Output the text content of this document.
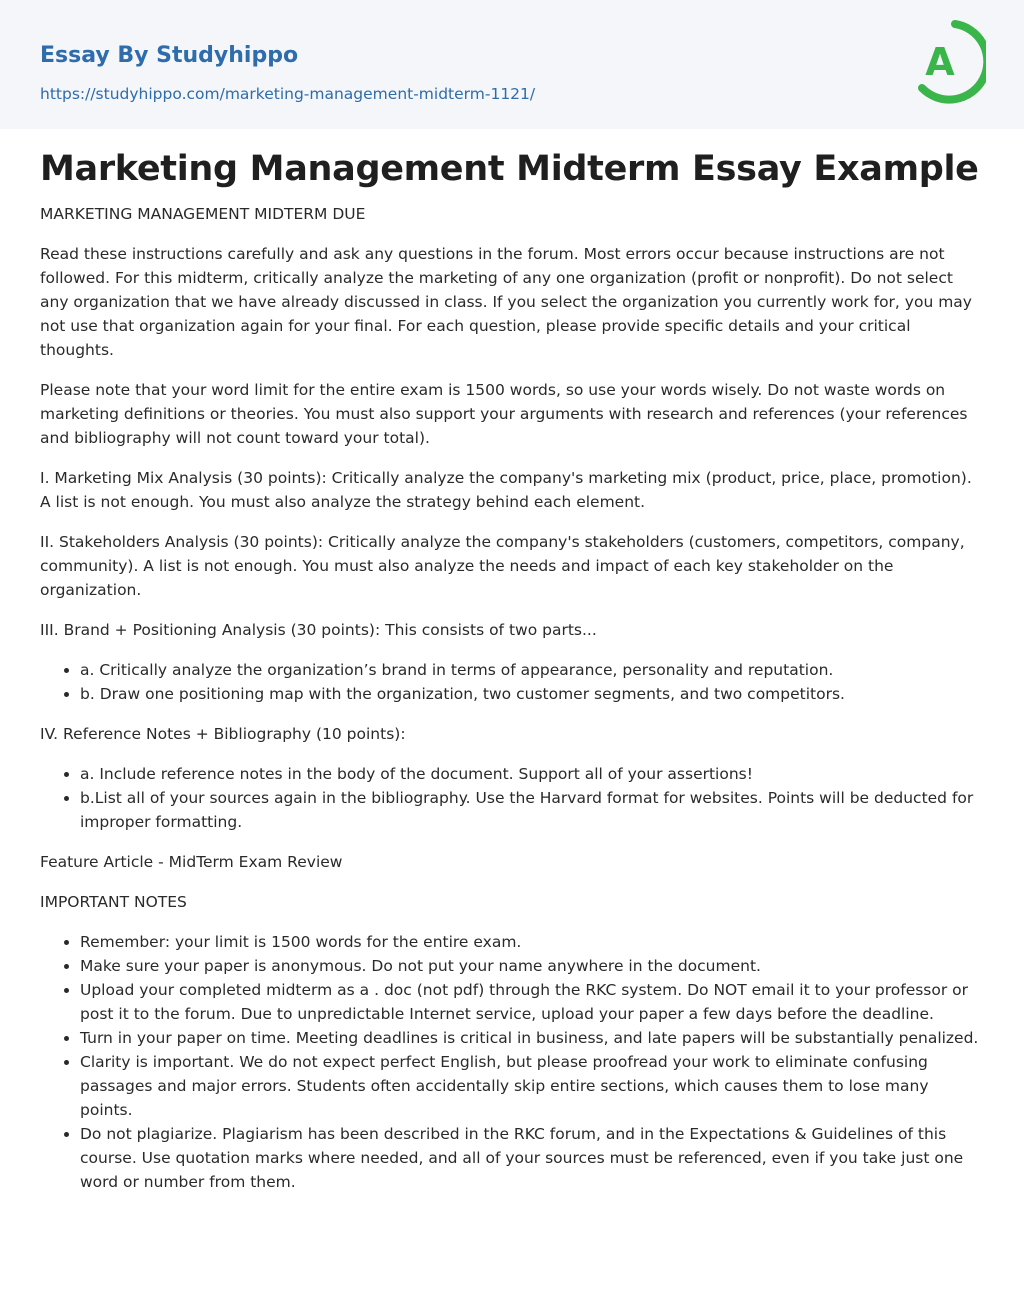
Essay By Studyhippo
https://studyhippo.com/marketing-management-midterm-1121/
A
Marketing Management Midterm Essay Example

MARKETING MANAGEMENT MIDTERM DUE

Read these instructions carefully and ask any questions in the forum. Most errors occur because instructions are not followed. For this midterm, critically analyze the marketing of any one organization (profit or nonprofit). Do not select any organization that we have already discussed in class. If you select the organization you currently work for, you may not use that organization again for your final. For each question, please provide specific details and your critical thoughts.

Please note that your word limit for the entire exam is 1500 words, so use your words wisely. Do not waste words on marketing definitions or theories. You must also support your arguments with research and references (your references and bibliography will not count toward your total).

I. Marketing Mix Analysis (30 points): Critically analyze the company's marketing mix (product, price, place, promotion). A list is not enough. You must also analyze the strategy behind each element.

II. Stakeholders Analysis (30 points): Critically analyze the company's stakeholders (customers, competitors, company, community). A list is not enough. You must also analyze the needs and impact of each key stakeholder on the organization.

III. Brand + Positioning Analysis (30 points): This consists of two parts...

• a. Critically analyze the organization’s brand in terms of appearance, personality and reputation.
• b. Draw one positioning map with the organization, two customer segments, and two competitors.

IV. Reference Notes + Bibliography (10 points):

• a. Include reference notes in the body of the document. Support all of your assertions!
• b.List all of your sources again in the bibliography. Use the Harvard format for websites. Points will be deducted for improper formatting.

Feature Article - MidTerm Exam Review

IMPORTANT NOTES

• Remember: your limit is 1500 words for the entire exam.
• Make sure your paper is anonymous. Do not put your name anywhere in the document.
• Upload your completed midterm as a . doc (not pdf) through the RKC system. Do NOT email it to your professor or post it to the forum. Due to unpredictable Internet service, upload your paper a few days before the deadline.
• Turn in your paper on time. Meeting deadlines is critical in business, and late papers will be substantially penalized.
• Clarity is important. We do not expect perfect English, but please proofread your work to eliminate confusing passages and major errors. Students often accidentally skip entire sections, which causes them to lose many points.
• Do not plagiarize. Plagiarism has been described in the RKC forum, and in the Expectations & Guidelines of this course. Use quotation marks where needed, and all of your sources must be referenced, even if you take just one word or number from them.
